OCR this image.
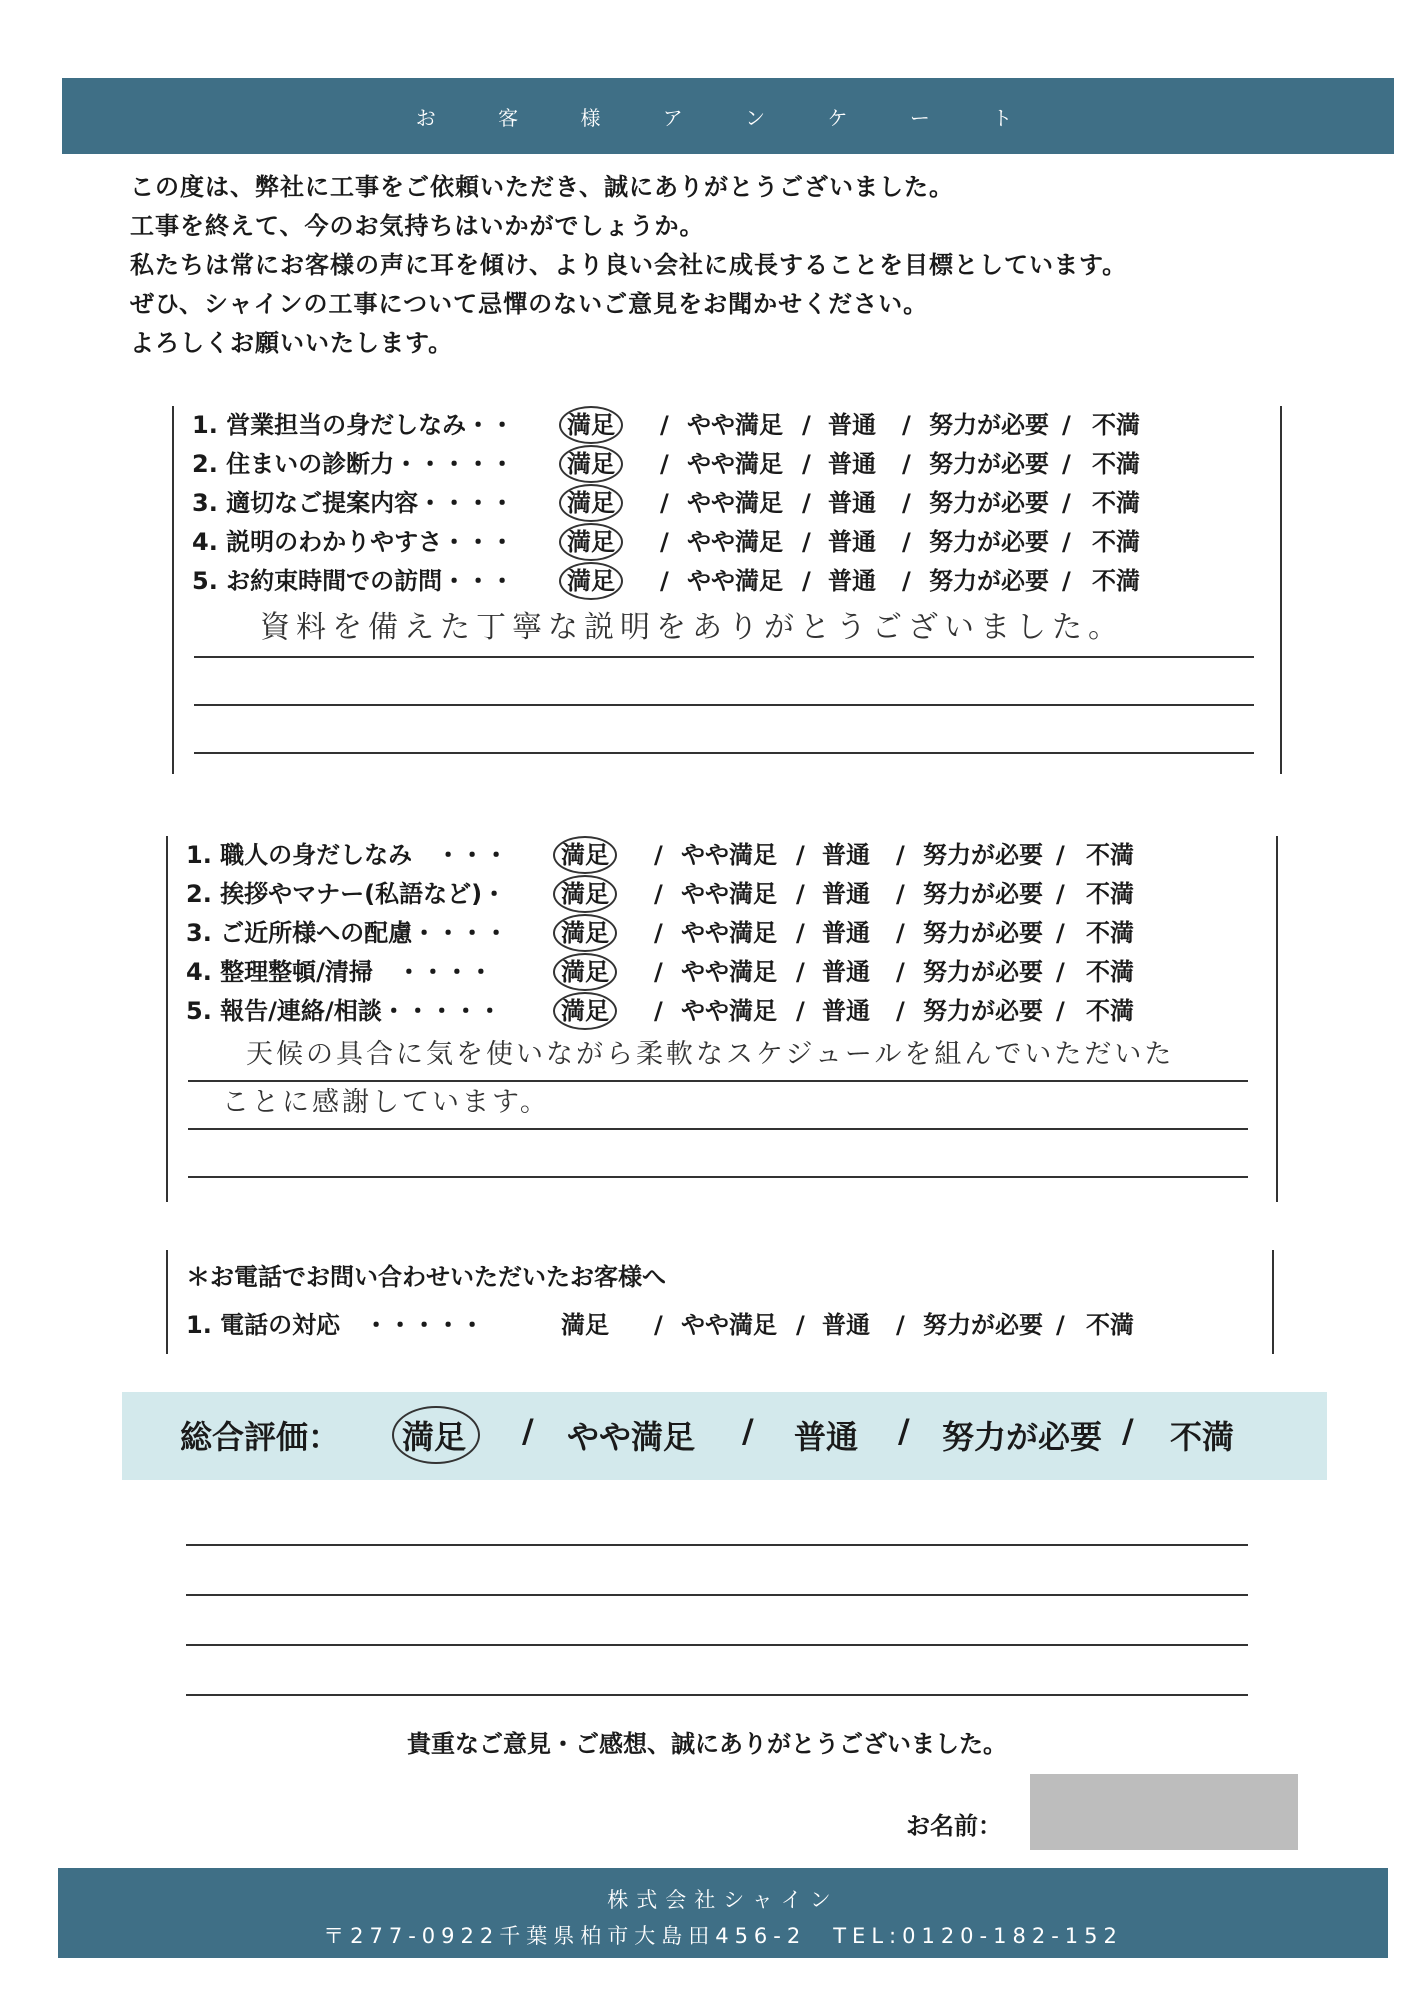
お 客 様 ア ン ケ ー ト
この度は、弊社に工事をご依頼いただき、誠にありがとうございました。
工事を終えて、今のお気持ちはいかがでしょうか。
私たちは常にお客様の声に耳を傾け、より良い会社に成長することを目標としています。
ぜひ、シャインの工事について忌憚のないご意見をお聞かせください。
よろしくお願いいたします。
1. 営業担当の身だしなみ・・ 満足 / やや満足 / 普通 / 努力が必要 / 不満
2. 住まいの診断力・・・・・ 満足 / やや満足 / 普通 / 努力が必要 / 不満
3. 適切なご提案内容・・・・ 満足 / やや満足 / 普通 / 努力が必要 / 不満
4. 説明のわかりやすさ・・・ 満足 / やや満足 / 普通 / 努力が必要 / 不満
5. お約束時間での訪問・・・ 満足 / やや満足 / 普通 / 努力が必要 / 不満
資料を備えた丁寧な説明をありがとうございました。
1. 職人の身だしなみ　・・・ 満足 / やや満足 / 普通 / 努力が必要 / 不満
2. 挨拶やマナー(私語など)・ 満足 / やや満足 / 普通 / 努力が必要 / 不満
3. ご近所様への配慮・・・・ 満足 / やや満足 / 普通 / 努力が必要 / 不満
4. 整理整頓/清掃　・・・・	満足 / やや満足 / 普通 / 努力が必要 / 不満
5. 報告/連絡/相談・・・・・ 満足 / やや満足 / 普通 / 努力が必要 / 不満
天候の具合に気を使いながら柔軟なスケジュールを組んでいただいた
ことに感謝しています。
＊お電話でお問い合わせいただいたお客様へ
1. 電話の対応　・・・・・	満足 / やや満足 / 普通 / 努力が必要 / 不満
総合評価： 満足 / やや満足 / 普通 / 努力が必要 / 不満
貴重なご意見・ご感想、誠にありがとうございました。
お名前：
株式会社シャイン
〒277-0922千葉県柏市大島田456-2　TEL:0120-182-152
